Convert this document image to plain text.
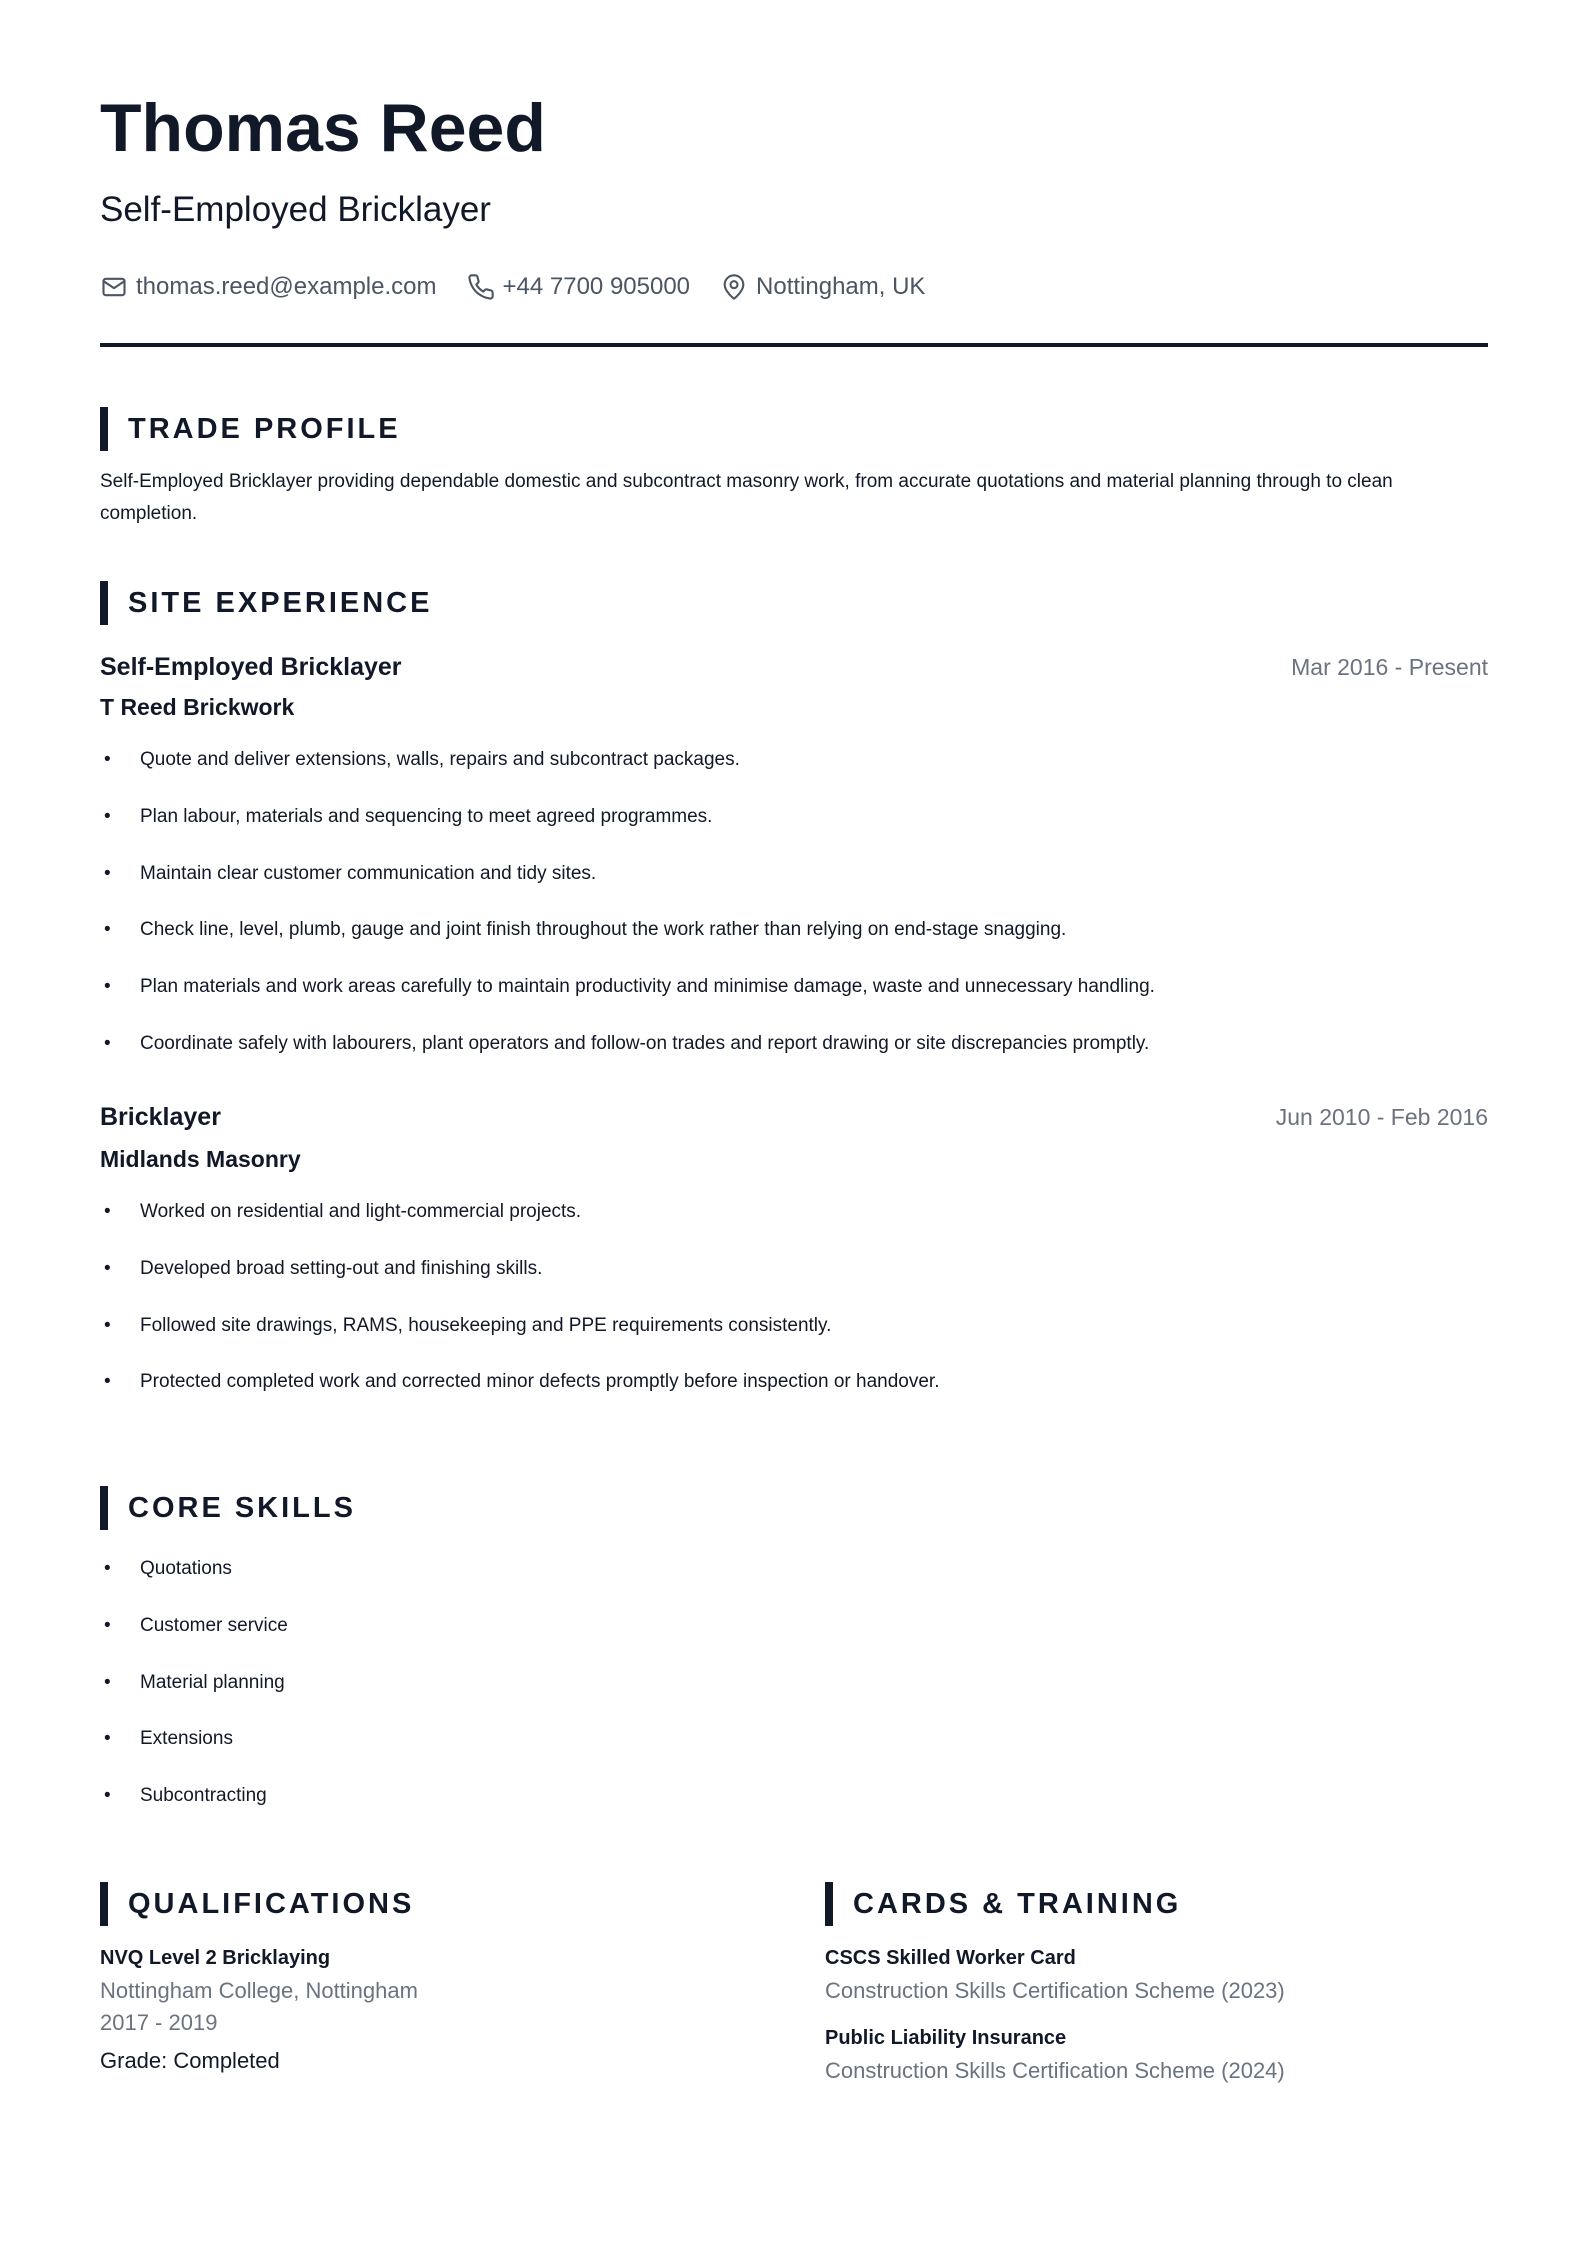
Thomas Reed
Self-Employed Bricklayer
thomas.reed@example.com	+44 7700 905000	Nottingham, UK
TRADE PROFILE
Self-Employed Bricklayer providing dependable domestic and subcontract masonry work, from accurate quotations and material planning through to clean completion.
SITE EXPERIENCE
Self-Employed Bricklayer	Mar 2016 - Present
T Reed Brickwork
• Quote and deliver extensions, walls, repairs and subcontract packages.
• Plan labour, materials and sequencing to meet agreed programmes.
• Maintain clear customer communication and tidy sites.
• Check line, level, plumb, gauge and joint finish throughout the work rather than relying on end-stage snagging.
• Plan materials and work areas carefully to maintain productivity and minimise damage, waste and unnecessary handling.
• Coordinate safely with labourers, plant operators and follow-on trades and report drawing or site discrepancies promptly.
Bricklayer	Jun 2010 - Feb 2016
Midlands Masonry
• Worked on residential and light-commercial projects.
• Developed broad setting-out and finishing skills.
• Followed site drawings, RAMS, housekeeping and PPE requirements consistently.
• Protected completed work and corrected minor defects promptly before inspection or handover.
CORE SKILLS
• Quotations
• Customer service
• Material planning
• Extensions
• Subcontracting
QUALIFICATIONS
NVQ Level 2 Bricklaying
Nottingham College, Nottingham
2017 - 2019
Grade: Completed
CARDS & TRAINING
CSCS Skilled Worker Card
Construction Skills Certification Scheme (2023)
Public Liability Insurance
Construction Skills Certification Scheme (2024)
